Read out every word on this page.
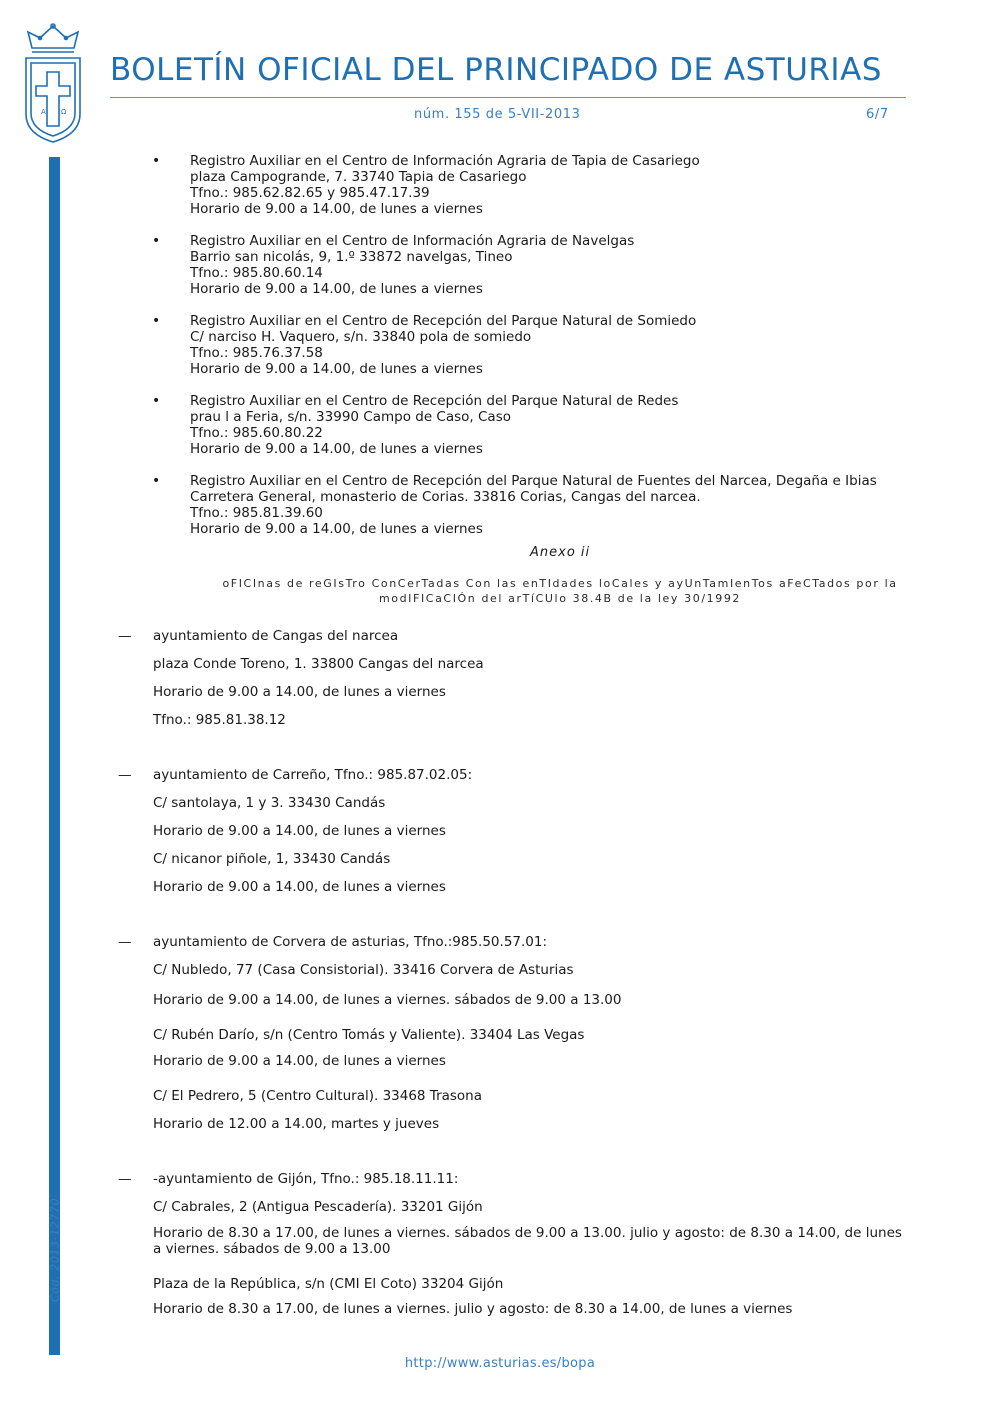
A Ω
BOLETÍN OFICIAL DEL PRINCIPADO DE ASTURIAS
núm. 155 de 5-VII-2013	6/7
Cód. 2013-12770
• Registro Auxiliar en el Centro de Información Agraria de Tapia de Casariego
plaza Campogrande, 7. 33740 Tapia de Casariego
Tfno.: 985.62.82.65 y 985.47.17.39
Horario de 9.00 a 14.00, de lunes a viernes
• Registro Auxiliar en el Centro de Información Agraria de Navelgas
Barrio san nicolás, 9, 1.º 33872 navelgas, Tineo
Tfno.: 985.80.60.14
Horario de 9.00 a 14.00, de lunes a viernes
• Registro Auxiliar en el Centro de Recepción del Parque Natural de Somiedo
C/ narciso H. Vaquero, s/n. 33840 pola de somiedo
Tfno.: 985.76.37.58
Horario de 9.00 a 14.00, de lunes a viernes
• Registro Auxiliar en el Centro de Recepción del Parque Natural de Redes
prau l a Feria, s/n. 33990 Campo de Caso, Caso
Tfno.: 985.60.80.22
Horario de 9.00 a 14.00, de lunes a viernes
• Registro Auxiliar en el Centro de Recepción del Parque Natural de Fuentes del Narcea, Degaña e Ibias
Carretera General, monasterio de Corias. 33816 Corias, Cangas del narcea.
Tfno.: 985.81.39.60
Horario de 9.00 a 14.00, de lunes a viernes
Anexo ii
oFICInas de reGIsTro ConCerTadas Con las enTIdades loCales y ayUnTamIenTos aFeCTados por la
modIFICaCIÓn del arTíCUlo 38.4B de la ley 30/1992
—	ayuntamiento de Cangas del narcea
plaza Conde Toreno, 1. 33800 Cangas del narcea
Horario de 9.00 a 14.00, de lunes a viernes
Tfno.: 985.81.38.12
—	ayuntamiento de Carreño, Tfno.: 985.87.02.05:
C/ santolaya, 1 y 3. 33430 Candás
Horario de 9.00 a 14.00, de lunes a viernes
C/ nicanor piñole, 1, 33430 Candás
Horario de 9.00 a 14.00, de lunes a viernes
—	ayuntamiento de Corvera de asturias, Tfno.:985.50.57.01:
C/ Nubledo, 77 (Casa Consistorial). 33416 Corvera de Asturias
Horario de 9.00 a 14.00, de lunes a viernes. sábados de 9.00 a 13.00
C/ Rubén Darío, s/n (Centro Tomás y Valiente). 33404 Las Vegas
Horario de 9.00 a 14.00, de lunes a viernes
C/ El Pedrero, 5 (Centro Cultural). 33468 Trasona
Horario de 12.00 a 14.00, martes y jueves
—	-ayuntamiento de Gijón, Tfno.: 985.18.11.11:
C/ Cabrales, 2 (Antigua Pescadería). 33201 Gijón
Horario de 8.30 a 17.00, de lunes a viernes. sábados de 9.00 a 13.00. julio y agosto: de 8.30 a 14.00, de lunes a viernes. sábados de 9.00 a 13.00
Plaza de la República, s/n (CMI El Coto) 33204 Gijón
Horario de 8.30 a 17.00, de lunes a viernes. julio y agosto: de 8.30 a 14.00, de lunes a viernes
http://www.asturias.es/bopa
